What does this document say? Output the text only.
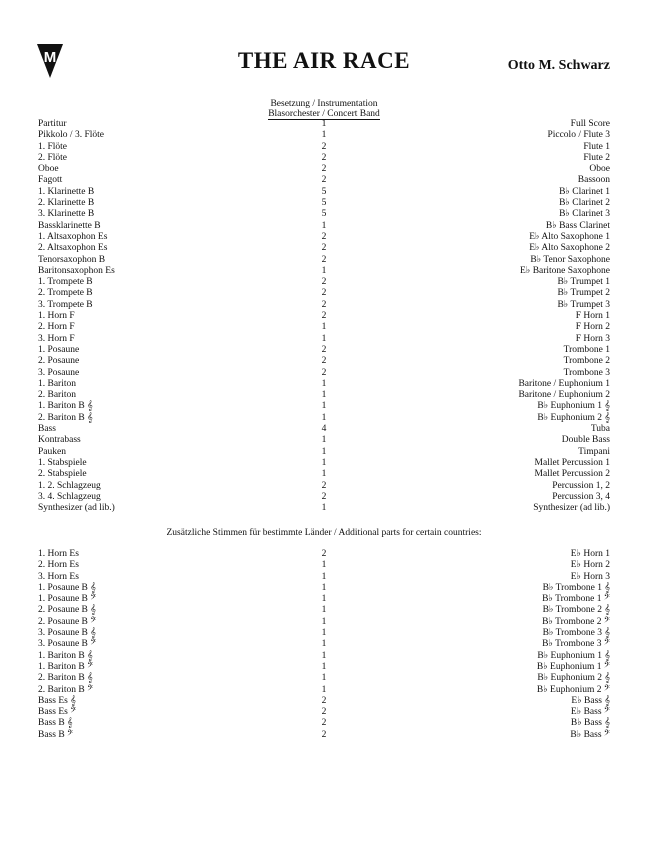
M	THE AIR RACE	Otto M. Schwarz
Besetzung / Instrumentation
Blasorchester / Concert Band
Partitur	1	Full Score
Pikkolo / 3. Flöte	1	Piccolo / Flute 3
1. Flöte	2	Flute 1
2. Flöte	2	Flute 2
Oboe	2	Oboe
Fagott	2	Bassoon
1. Klarinette B	5	B♭ Clarinet 1
2. Klarinette B	5	B♭ Clarinet 2
3. Klarinette B	5	B♭ Clarinet 3
Bassklarinette B	1	B♭ Bass Clarinet
1. Altsaxophon Es	2	E♭ Alto Saxophone 1
2. Altsaxophon Es	2	E♭ Alto Saxophone 2
Tenorsaxophon B	2	B♭ Tenor Saxophone
Baritonsaxophon Es	1	E♭ Baritone Saxophone
1. Trompete B	2	B♭ Trumpet 1
2. Trompete B	2	B♭ Trumpet 2
3. Trompete B	2	B♭ Trumpet 3
1. Horn F	2	F Horn 1
2. Horn F	1	F Horn 2
3. Horn F	1	F Horn 3
1. Posaune	2	Trombone 1
2. Posaune	2	Trombone 2
3. Posaune	2	Trombone 3
1. Bariton	1	Baritone / Euphonium 1
2. Bariton	1	Baritone / Euphonium 2
1. Bariton B 𝄞	1	B♭ Euphonium 1 𝄞
2. Bariton B 𝄞	1	B♭ Euphonium 2 𝄞
Bass	4	Tuba
Kontrabass	1	Double Bass
Pauken	1	Timpani
1. Stabspiele	1	Mallet Percussion 1
2. Stabspiele	1	Mallet Percussion 2
1. 2. Schlagzeug	2	Percussion 1, 2
3. 4. Schlagzeug	2	Percussion 3, 4
Synthesizer (ad lib.)	1	Synthesizer (ad lib.)
Zusätzliche Stimmen für bestimmte Länder / Additional parts for certain countries:
1. Horn Es	2	E♭ Horn 1
2. Horn Es	1	E♭ Horn 2
3. Horn Es	1	E♭ Horn 3
1. Posaune B 𝄞	1	B♭ Trombone 1 𝄞
1. Posaune B 𝄢	1	B♭ Trombone 1 𝄢
2. Posaune B 𝄞	1	B♭ Trombone 2 𝄞
2. Posaune B 𝄢	1	B♭ Trombone 2 𝄢
3. Posaune B 𝄞	1	B♭ Trombone 3 𝄞
3. Posaune B 𝄢	1	B♭ Trombone 3 𝄢
1. Bariton B 𝄞	1	B♭ Euphonium 1 𝄞
1. Bariton B 𝄢	1	B♭ Euphonium 1 𝄢
2. Bariton B 𝄞	1	B♭ Euphonium 2 𝄞
2. Bariton B 𝄢	1	B♭ Euphonium 2 𝄢
Bass Es 𝄞	2	E♭ Bass 𝄞
Bass Es 𝄢	2	E♭ Bass 𝄢
Bass B 𝄞	2	B♭ Bass 𝄞
Bass B 𝄢	2	B♭ Bass 𝄢
